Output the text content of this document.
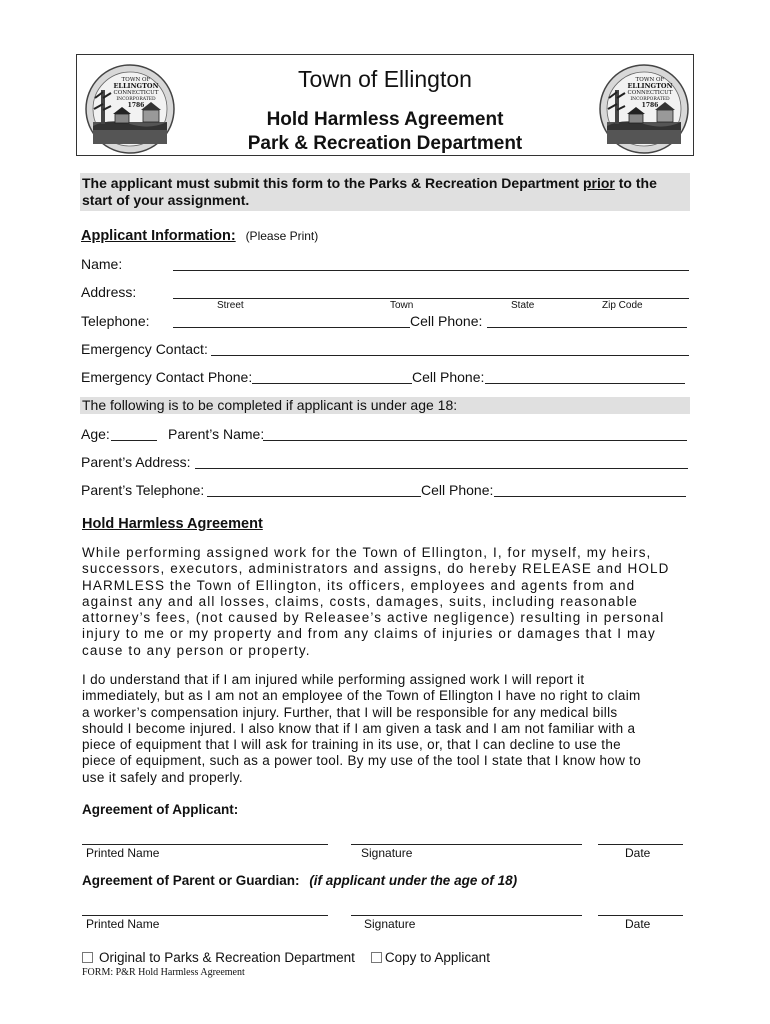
TOWN OF
ELLINGTON
CONNECTICUT
INCORPORATED
1786
TOWN OF
ELLINGTON
CONNECTICUT
INCORPORATED
1786
Town of Ellington
Hold Harmless Agreement
Park & Recreation Department
The applicant must submit this form to the Parks & Recreation Department prior to the start of your assignment.
Applicant Information: (Please Print)
Name:
Address:
Street	Town	State	Zip Code
Telephone:	Cell Phone:
Emergency Contact:
Emergency Contact Phone:	Cell Phone:
The following is to be completed if applicant is under age 18:
Age:	Parent’s Name:
Parent’s Address:
Parent’s Telephone:	Cell Phone:
Hold Harmless Agreement
While performing assigned work for the Town of Ellington, I, for myself, my heirs,
successors, executors, administrators and assigns, do hereby RELEASE and HOLD
HARMLESS the Town of Ellington, its officers, employees and agents from and
against any and all losses, claims, costs, damages, suits, including reasonable
attorney’s fees, (not caused by Releasee’s active negligence) resulting in personal
injury to me or my property and from any claims of injuries or damages that I may
cause to any person or property.
I do understand that if I am injured while performing assigned work I will report it
immediately, but as I am not an employee of the Town of Ellington I have no right to claim
a worker’s compensation injury. Further, that I will be responsible for any medical bills
should I become injured. I also know that if I am given a task and I am not familiar with a
piece of equipment that I will ask for training in its use, or, that I can decline to use the
piece of equipment, such as a power tool. By my use of the tool I state that I know how to
use it safely and properly.
Agreement of Applicant:
Printed Name	Signature	Date
Agreement of Parent or Guardian: (if applicant under the age of 18)
Printed Name	Signature	Date
Original to Parks & Recreation Department Copy to Applicant
FORM: P&R Hold Harmless Agreement
